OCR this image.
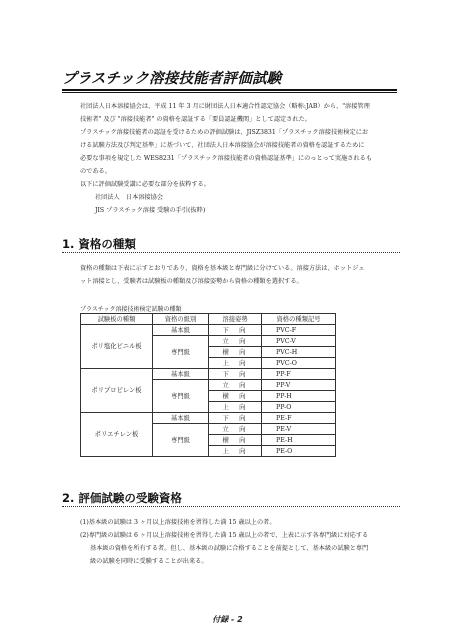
プラスチック溶接技能者評価試験

社団法人日本溶接協会は、平成 11 年 3 月に財団法人日本適合性認定協会（略称:JAB）から、"溶接管理

技術者" 及び "溶接技能者" の資格を認証する「要員認証機関」として認定された。

プラスチック溶接技能者の認証を受けるための評価試験は、JISZ3831「プラスチック溶接技術検定にお

ける試験方法及び判定基準」に基づいて、社団法人日本溶接協会が溶接技能者の資格を認証するために

必要な事項を規定した WES8231「プラスチック溶接技能者の資格認証基準」にのっとって実施されるも

のである。

以下に評価試験受講に必要な部分を抜粋する。

社団法人　日本溶接協会

JIS プラスチック溶接 受験の手引(抜粋)

1. 資格の種類

資格の種類は下表に示すとおりであり、資格を基本級と専門級に分けている。溶接方法は、ホットジェ

ット溶接とし、受験者は試験板の種類及び溶接姿勢から資格の種類を選択する。

プラスチック溶接技術検定試験の種類
試験板の種類	資格の級別	溶接姿勢	資格の種類記号
ポリ塩化ビニル板	基本級	下　向	PVC-F
	専門級	立　向	PVC-V
		横　向	PVC-H
		上　向	PVC-O
ポリプロピレン板	基本級	下　向	PP-F
	専門級	立　向	PP-V
		横　向	PP-H
		上　向	PP-O
ポリエチレン板	基本級	下　向	PE-F
	専門級	立　向	PE-V
		横　向	PE-H
		上　向	PE-O
2. 評価試験の受験資格

(1)基本級の試験は 3 ヶ月以上溶接技術を習得した満 15 歳以上の者。

(2)専門級の試験は 6 ヶ月以上溶接技術を習得した満 15 歳以上の者で、上表に示す各専門級に対応する

基本級の資格を所有する者。但し、基本級の試験に合格することを前提として、基本級の試験と専門

級の試験を同時に受験することが出来る。

付録 - 2
